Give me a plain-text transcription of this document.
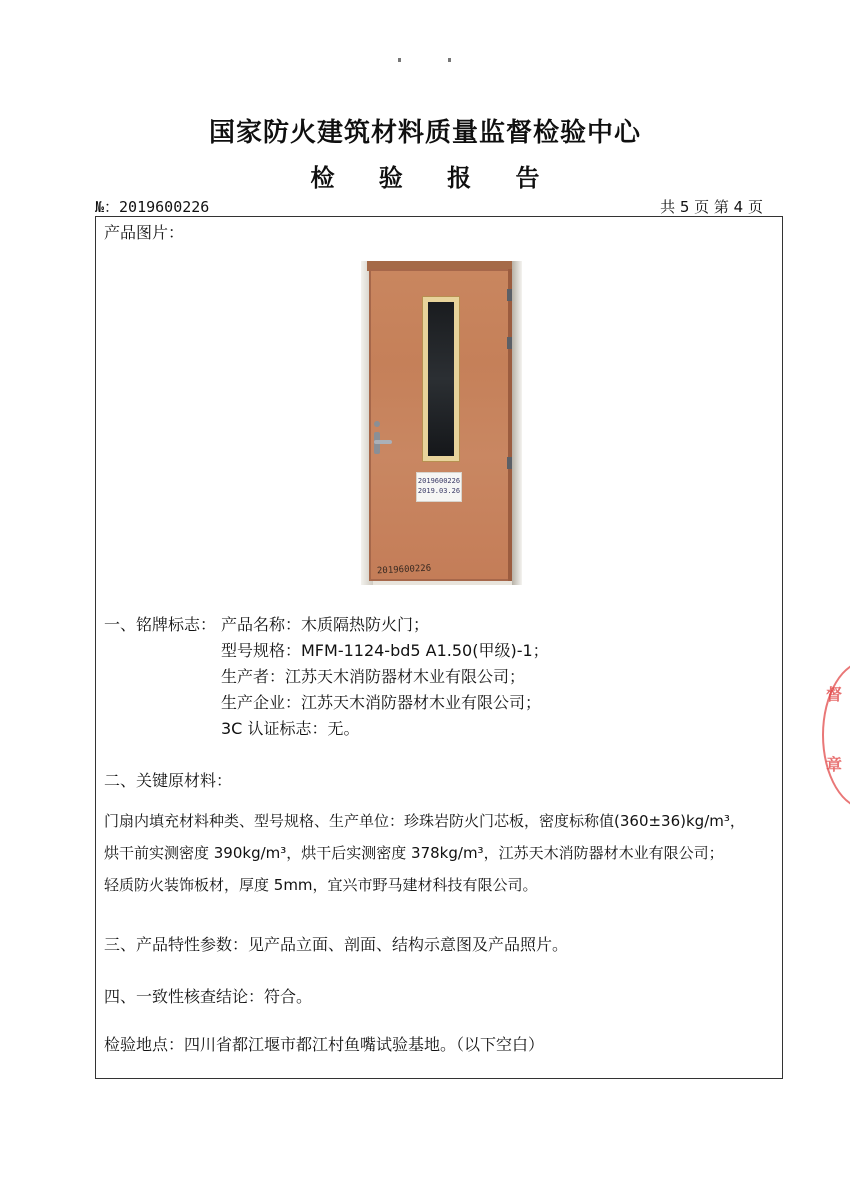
国家防火建筑材料质量监督检验中心
检 验 报 告
№：2019600226	共 5 页 第 4 页
产品图片：
2019600226
2019.03.26
2019600226
一、铭牌标志： 产品名称：木质隔热防火门；
型号规格：MFM-1124-bd5 A1.50(甲级)-1；
生产者：江苏天木消防器材木业有限公司；
生产企业：江苏天木消防器材木业有限公司；
3C 认证标志：无。
二、关键原材料：
门扇内填充材料种类、型号规格、生产单位：珍珠岩防火门芯板，密度标称值(360±36)kg/m³，
烘干前实测密度 390kg/m³，烘干后实测密度 378kg/m³，江苏天木消防器材木业有限公司；
轻质防火装饰板材，厚度 5mm，宜兴市野马建材科技有限公司。
三、产品特性参数：见产品立面、剖面、结构示意图及产品照片。
四、一致性核查结论：符合。
检验地点：四川省都江堰市都江村鱼嘴试验基地。（以下空白）
督
章
